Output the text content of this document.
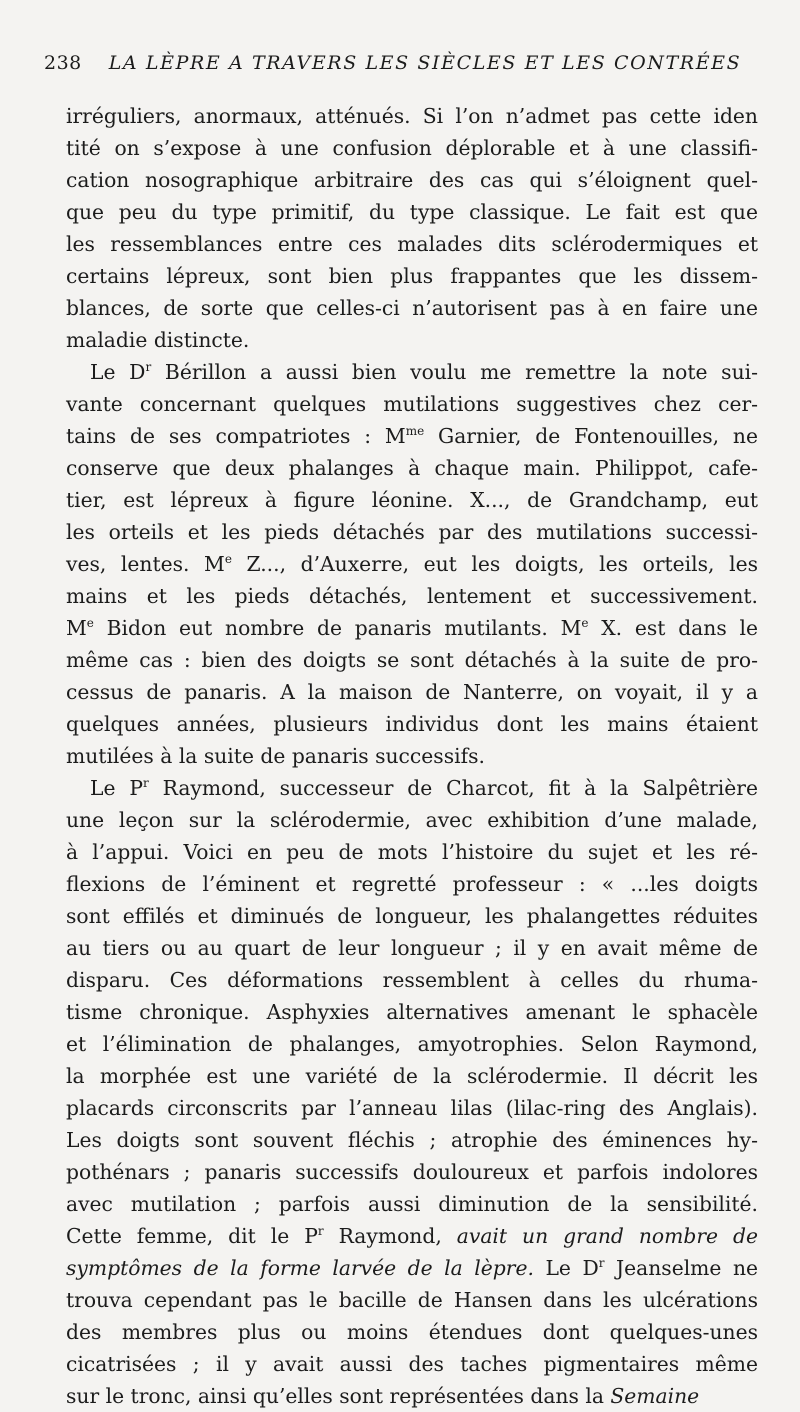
238	LA LÈPRE A TRAVERS LES SIÈCLES ET LES CONTRÉES
irréguliers, anormaux, atténués. Si l’on n’admet pas cette iden
tité on s’expose à une confusion déplorable et à une classifi-
cation nosographique arbitraire des cas qui s’éloignent quel-
que peu du type primitif, du type classique. Le fait est que
les ressemblances entre ces malades dits sclérodermiques et
certains lépreux, sont bien plus frappantes que les dissem-
blances, de sorte que celles-ci n’autorisent pas à en faire une
maladie distincte.
Le $D^r$ Bérillon a aussi bien voulu me remettre la note sui-
vante concernant quelques mutilations suggestives chez cer-
tains de ses compatriotes : $M^{me}$ Garnier, de Fontenouilles, ne
conserve que deux phalanges à chaque main. Philippot, cafe-
tier, est lépreux à figure léonine. X..., de Grandchamp, eut
les orteils et les pieds détachés par des mutilations successi-
ves, lentes. Me Z..., d’Auxerre, eut les doigts, les orteils, les
mains et les pieds détachés, lentement et successivement.
Me Bidon eut nombre de panaris mutilants. Me X. est dans le
même cas : bien des doigts se sont détachés à la suite de pro-
cessus de panaris. A la maison de Nanterre, on voyait, il y a
quelques années, plusieurs individus dont les mains étaient
mutilées à la suite de panaris successifs.
Le $P^r$ Raymond, successeur de Charcot, fit à la Salpêtrière
une leçon sur la sclérodermie, avec exhibition d’une malade,
à l’appui. Voici en peu de mots l’histoire du sujet et les ré-
flexions de l’éminent et regretté professeur : « ...les doigts
sont effilés et diminués de longueur, les phalangettes réduites
au tiers ou au quart de leur longueur ; il y en avait même de
disparu. Ces déformations ressemblent à celles du rhuma-
tisme chronique. Asphyxies alternatives amenant le sphacèle
et l’élimination de phalanges, amyotrophies. Selon Raymond,
la morphée est une variété de la sclérodermie. Il décrit les
placards circonscrits par l’anneau lilas (lilac-ring des Anglais).
Les doigts sont souvent fléchis ; atrophie des éminences hy-
pothénars ; panaris successifs douloureux et parfois indolores
avec mutilation ; parfois aussi diminution de la sensibilité.
Cette femme, dit le $P^r$ Raymond, avait un grand nombre de
symptômes de la forme larvée de la lèpre. Le $D^r$ Jeanselme ne
trouva cependant pas le bacille de Hansen dans les ulcérations
des membres plus ou moins étendues dont quelques-unes
cicatrisées ; il y avait aussi des taches pigmentaires même
sur le tronc, ainsi qu’elles sont représentées dans la Semaine
